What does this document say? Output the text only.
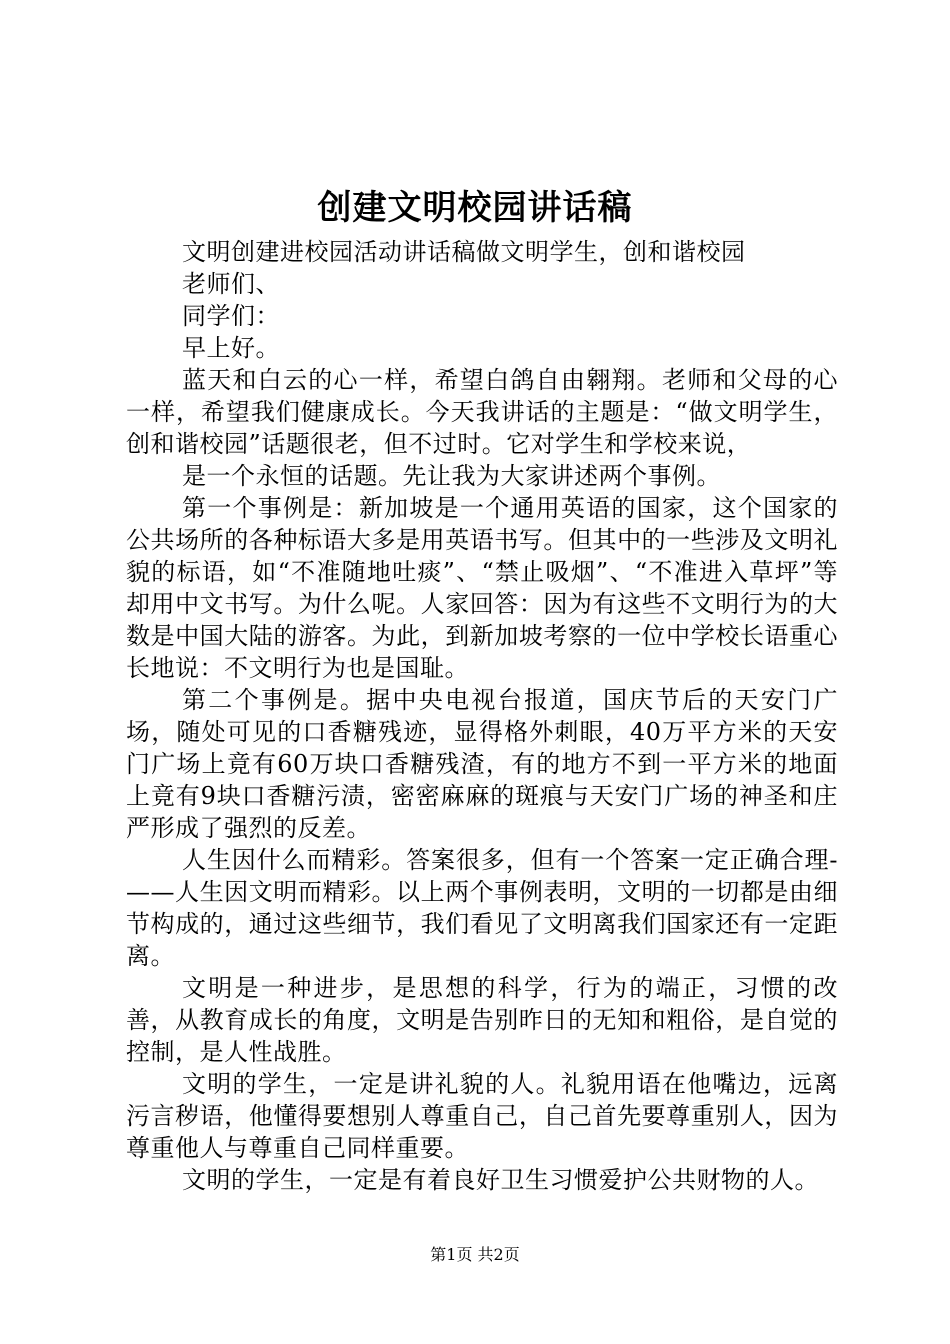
创建文明校园讲话稿

文明创建进校园活动讲话稿做文明学生，创和谐校园

老师们、

同学们：

早上好。

蓝天和白云的心一样，希望白鸽自由翱翔。老师和父母的心一样，希望我们健康成长。今天我讲话的主题是：“做文明学生，创和谐校园”话题很老，但不过时。它对学生和学校来说，

是一个永恒的话题。先让我为大家讲述两个事例。

第一个事例是：新加坡是一个通用英语的国家，这个国家的公共场所的各种标语大多是用英语书写。但其中的一些涉及文明礼貌的标语，如“不准随地吐痰”、“禁止吸烟”、“不准进入草坪”等却用中文书写。为什么呢。人家回答：因为有这些不文明行为的大数是中国大陆的游客。为此，到新加坡考察的一位中学校长语重心长地说：不文明行为也是国耻。

第二个事例是。据中央电视台报道，国庆节后的天安门广场，随处可见的口香糖残迹，显得格外刺眼，40万平方米的天安门广场上竟有60万块口香糖残渣，有的地方不到一平方米的地面上竟有9块口香糖污渍，密密麻麻的斑痕与天安门广场的神圣和庄严形成了强烈的反差。

人生因什么而精彩。答案很多，但有一个答案一定正确合理-——人生因文明而精彩。以上两个事例表明，文明的一切都是由细节构成的，通过这些细节，我们看见了文明离我们国家还有一定距离。

文明是一种进步，是思想的科学，行为的端正，习惯的改善，从教育成长的角度，文明是告别昨日的无知和粗俗，是自觉的控制，是人性战胜。

文明的学生，一定是讲礼貌的人。礼貌用语在他嘴边，远离污言秽语，他懂得要想别人尊重自己，自己首先要尊重别人，因为尊重他人与尊重自己同样重要。

文明的学生，一定是有着良好卫生习惯爱护公共财物的人。

第1页 共2页
